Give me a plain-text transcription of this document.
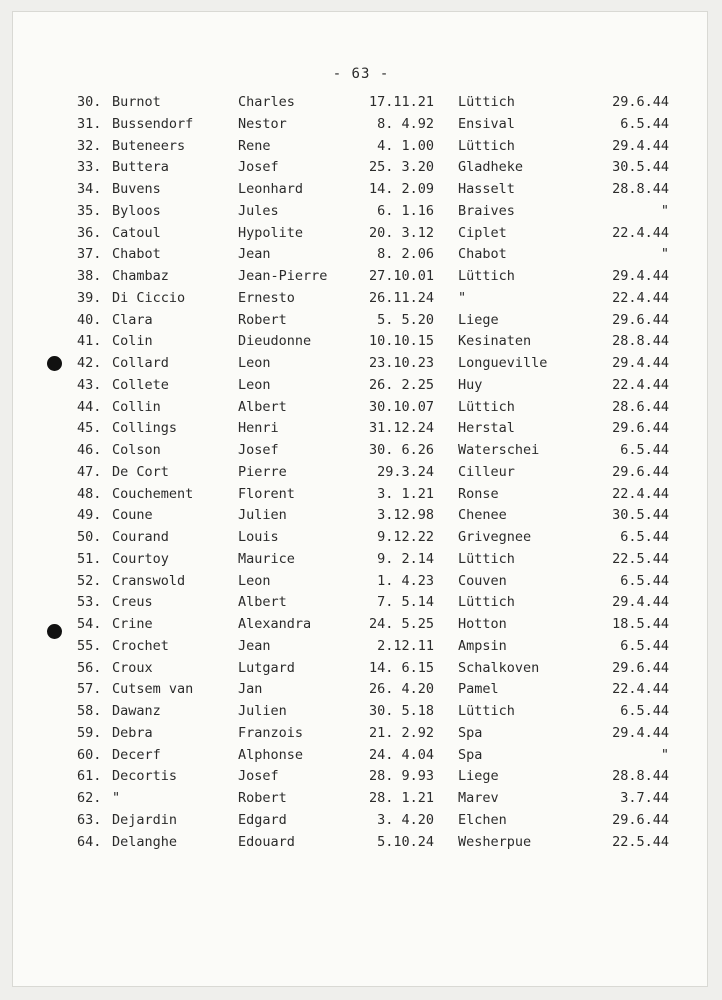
- 63 -
30. Burnot	Charles	17.11.21 Lüttich	29.6.44
31. Bussendorf	Nestor	8. 4.92 Ensival	6.5.44
32. Buteneers	Rene	4. 1.00 Lüttich	29.4.44
33. Buttera	Josef	25. 3.20 Gladheke	30.5.44
34. Buvens	Leonhard	14. 2.09 Hasselt	28.8.44
35. Byloos	Jules	6. 1.16 Braives	"
36. Catoul	Hypolite	20. 3.12 Ciplet	22.4.44
37. Chabot	Jean	8. 2.06 Chabot	"
38. Chambaz	Jean-Pierre	27.10.01 Lüttich	29.4.44
39. Di Ciccio	Ernesto	26.11.24 "	22.4.44
40. Clara	Robert	5. 5.20 Liege	29.6.44
41. Colin	Dieudonne	10.10.15 Kesinaten	28.8.44
42. Collard	Leon	23.10.23 Longueville	29.4.44
43. Collete	Leon	26. 2.25 Huy	22.4.44
44. Collin	Albert	30.10.07 Lüttich	28.6.44
45. Collings	Henri	31.12.24 Herstal	29.6.44
46. Colson	Josef	30. 6.26 Waterschei	6.5.44
47. De Cort	Pierre	29.3.24 Cilleur	29.6.44
48. Couchement	Florent	3. 1.21 Ronse	22.4.44
49. Coune	Julien	3.12.98 Chenee	30.5.44
50. Courand	Louis	9.12.22 Grivegnee	6.5.44
51. Courtoy	Maurice	9. 2.14 Lüttich	22.5.44
52. Cranswold	Leon	1. 4.23 Couven	6.5.44
53. Creus	Albert	7. 5.14 Lüttich	29.4.44
54. Crine	Alexandra	24. 5.25 Hotton	18.5.44
55. Crochet	Jean	2.12.11 Ampsin	6.5.44
56. Croux	Lutgard	14. 6.15 Schalkoven	29.6.44
57. Cutsem van	Jan	26. 4.20 Pamel	22.4.44
58. Dawanz	Julien	30. 5.18 Lüttich	6.5.44
59. Debra	Franzois	21. 2.92 Spa	29.4.44
60. Decerf	Alphonse	24. 4.04 Spa	"
61. Decortis	Josef	28. 9.93 Liege	28.8.44
62. "	Robert	28. 1.21 Marev	3.7.44
63. Dejardin	Edgard	3. 4.20 Elchen	29.6.44
64. Delanghe	Edouard	5.10.24 Wesherpue	22.5.44
